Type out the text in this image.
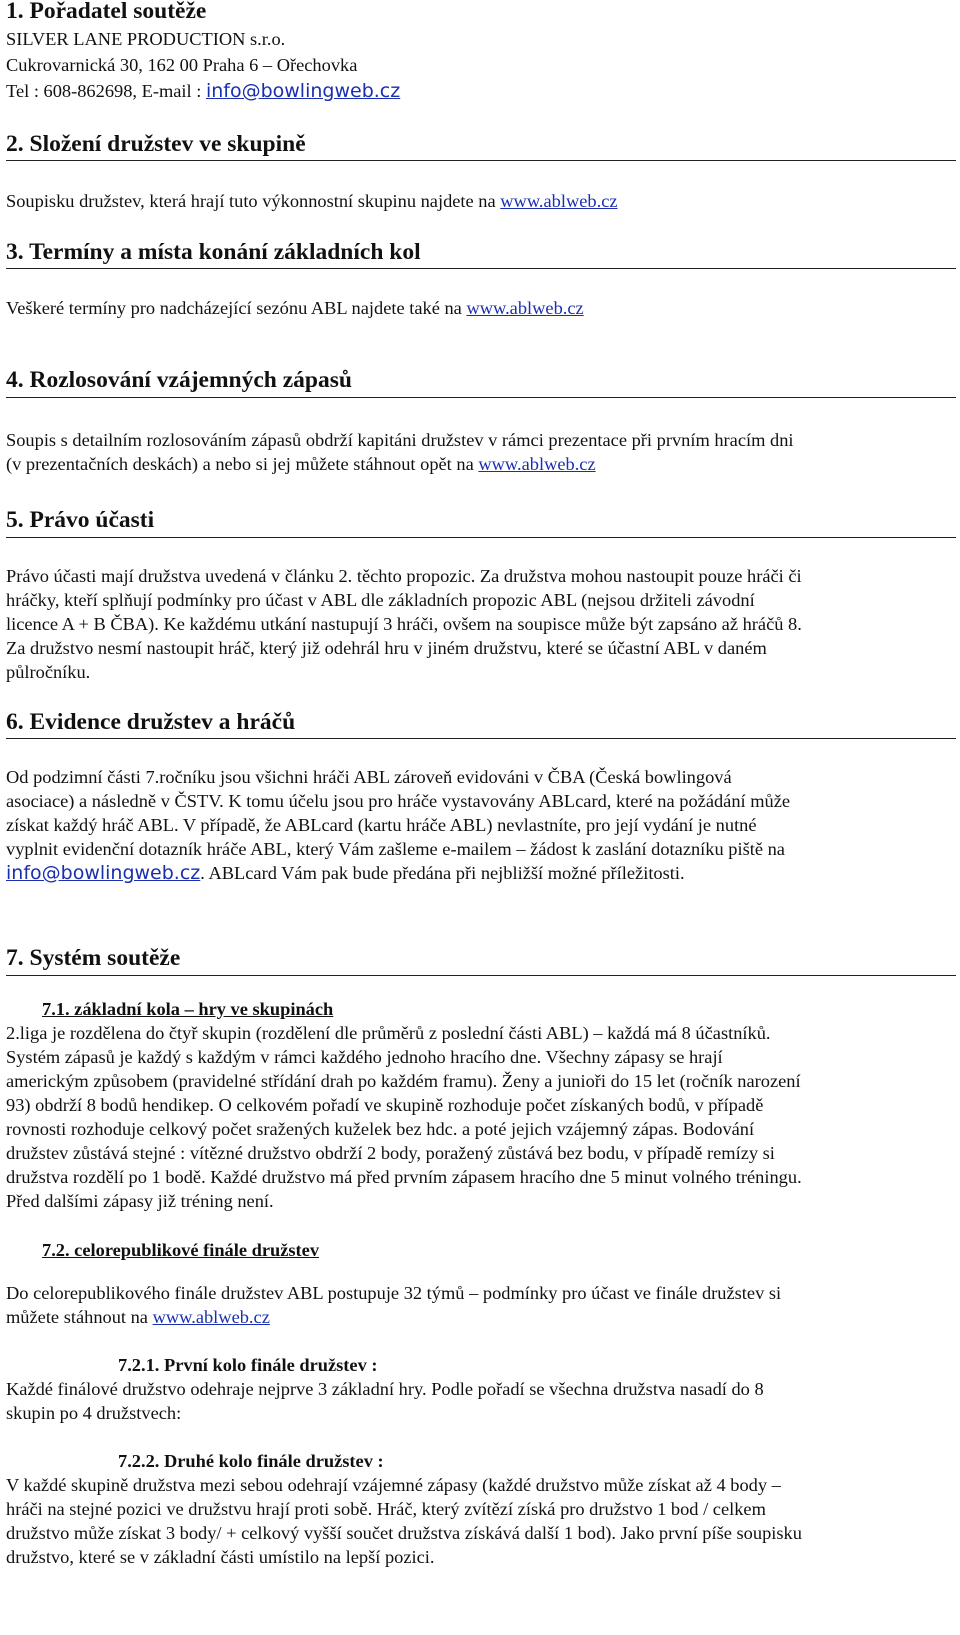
1. Pořadatel soutěže
SILVER LANE PRODUCTION s.r.o.
Cukrovarnická 30, 162 00 Praha 6 – Ořechovka
Tel : 608-862698, E-mail : info@bowlingweb.cz
2. Složení družstev ve skupině
Soupisku družstev, která hrají tuto výkonnostní skupinu najdete na www.ablweb.cz
3. Termíny a místa konání základních kol
Veškeré termíny pro nadcházející sezónu ABL najdete také na www.ablweb.cz
4. Rozlosování vzájemných zápasů
Soupis s detailním rozlosováním zápasů obdrží kapitáni družstev v rámci prezentace při prvním hracím dni
(v prezentačních deskách) a nebo si jej můžete stáhnout opět na www.ablweb.cz
5. Právo účasti
Právo účasti mají družstva uvedená v článku 2. těchto propozic. Za družstva mohou nastoupit pouze hráči či
hráčky, kteří splňují podmínky pro účast v ABL dle základních propozic ABL (nejsou držiteli závodní
licence A + B ČBA). Ke každému utkání nastupují 3 hráči, ovšem na soupisce může být zapsáno až hráčů 8.
Za družstvo nesmí nastoupit hráč, který již odehrál hru v jiném družstvu, které se účastní ABL v daném
půlročníku.
6. Evidence družstev a hráčů
Od podzimní části 7.ročníku jsou všichni hráči ABL zároveň evidováni v ČBA (Česká bowlingová
asociace) a následně v ČSTV. K tomu účelu jsou pro hráče vystavovány ABLcard, které na požádání může
získat každý hráč ABL. V případě, že ABLcard (kartu hráče ABL) nevlastníte, pro její vydání je nutné
vyplnit evidenční dotazník hráče ABL, který Vám zašleme e-mailem – žádost k zaslání dotazníku piště na
info@bowlingweb.cz. ABLcard Vám pak bude předána při nejbližší možné příležitosti.
7. Systém soutěže
7.1. základní kola – hry ve skupinách
2.liga je rozdělena do čtyř skupin (rozdělení dle průměrů z poslední části ABL) – každá má 8 účastníků.
Systém zápasů je každý s každým v rámci každého jednoho hracího dne. Všechny zápasy se hrají
americkým způsobem (pravidelné střídání drah po každém framu). Ženy a junioři do 15 let (ročník narození
93) obdrží 8 bodů hendikep. O celkovém pořadí ve skupině rozhoduje počet získaných bodů, v případě
rovnosti rozhoduje celkový počet sražených kuželek bez hdc. a poté jejich vzájemný zápas. Bodování
družstev zůstává stejné : vítězné družstvo obdrží 2 body, poražený zůstává bez bodu, v případě remízy si
družstva rozdělí po 1 bodě. Každé družstvo má před prvním zápasem hracího dne 5 minut volného tréningu.
Před dalšími zápasy již tréning není.
7.2. celorepublikové finále družstev
Do celorepublikového finále družstev ABL postupuje 32 týmů – podmínky pro účast ve finále družstev si
můžete stáhnout na www.ablweb.cz
7.2.1. První kolo finále družstev :
Každé finálové družstvo odehraje nejprve 3 základní hry. Podle pořadí se všechna družstva nasadí do 8
skupin po 4 družstvech:
7.2.2. Druhé kolo finále družstev :
V každé skupině družstva mezi sebou odehrají vzájemné zápasy (každé družstvo může získat až 4 body –
hráči na stejné pozici ve družstvu hrají proti sobě. Hráč, který zvítězí získá pro družstvo 1 bod / celkem
družstvo může získat 3 body/ + celkový vyšší součet družstva získává další 1 bod). Jako první píše soupisku
družstvo, které se v základní části umístilo na lepší pozici.
